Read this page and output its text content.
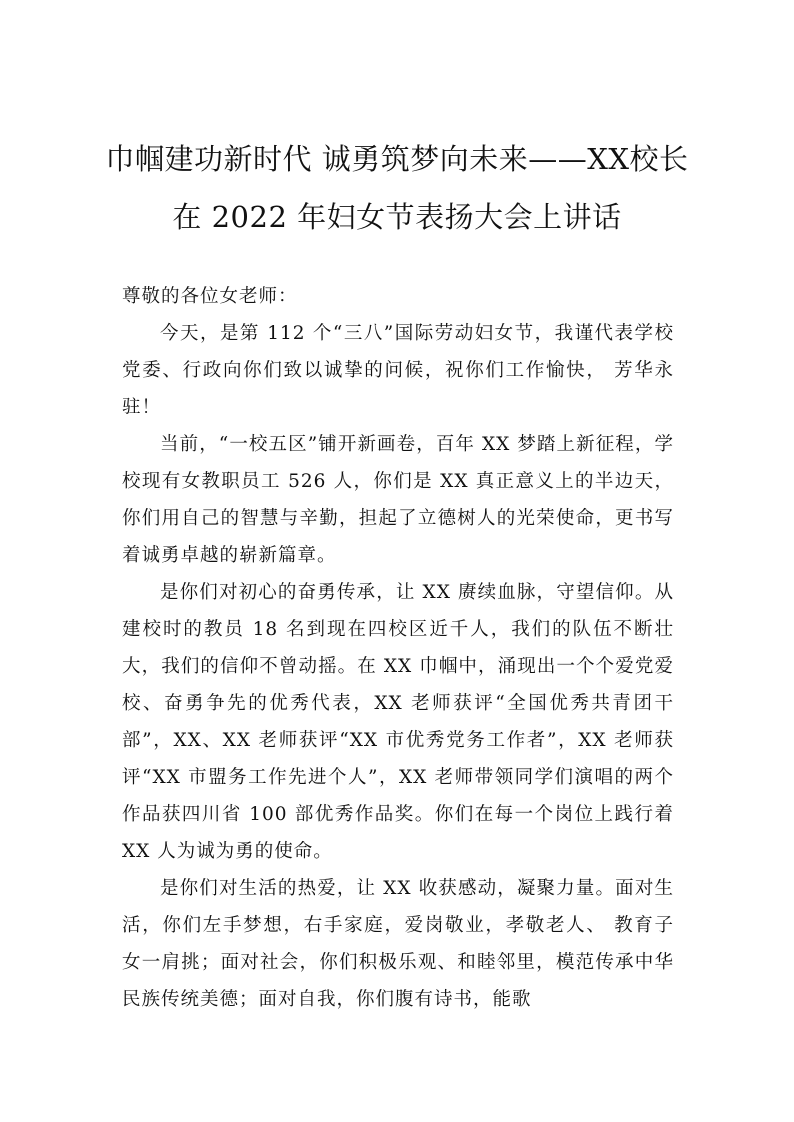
巾帼建功新时代 诚勇筑梦向未来——XX校长在 2022 年妇女节表扬大会上讲话

尊敬的各位女老师：

今天，是第 112 个“三八”国际劳动妇女节，我谨代表学校党委、行政向你们致以诚挚的问候，祝你们工作愉快， 芳华永驻！

当前，“一校五区”铺开新画卷，百年 XX 梦踏上新征程，学校现有女教职员工 526 人，你们是 XX 真正意义上的半边天，你们用自己的智慧与辛勤，担起了立德树人的光荣使命，更书写着诚勇卓越的崭新篇章。

是你们对初心的奋勇传承，让 XX 赓续血脉，守望信仰。从建校时的教员 18 名到现在四校区近千人，我们的队伍不断壮大，我们的信仰不曾动摇。在 XX 巾帼中，涌现出一个个爱党爱校、奋勇争先的优秀代表，XX 老师获评“全国优秀共青团干部”，XX、XX 老师获评“XX 市优秀党务工作者”，XX 老师获评“XX 市盟务工作先进个人”，XX 老师带领同学们演唱的两个作品获四川省 100 部优秀作品奖。你们在每一个岗位上践行着 XX 人为诚为勇的使命。

是你们对生活的热爱，让 XX 收获感动，凝聚力量。面对生活，你们左手梦想，右手家庭，爱岗敬业，孝敬老人、 教育子女一肩挑；面对社会，你们积极乐观、和睦邻里，模范传承中华民族传统美德；面对自我，你们腹有诗书，能歌
